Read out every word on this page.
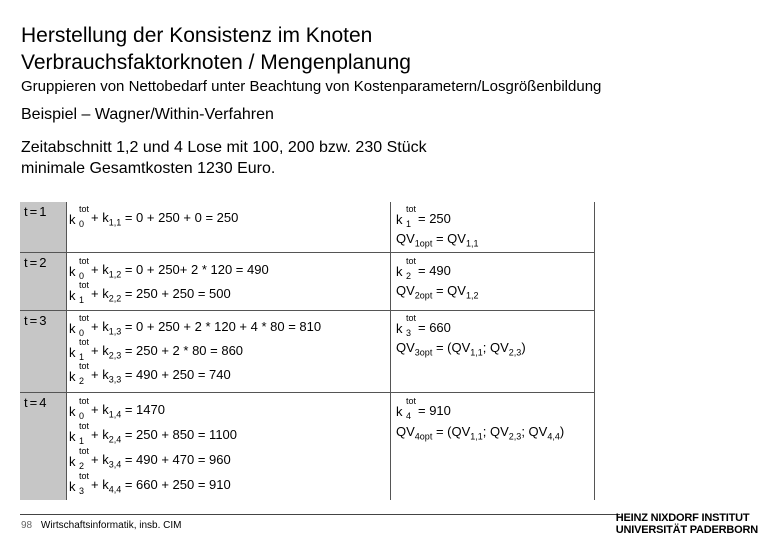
Herstellung der Konsistenz im Knoten
Verbrauchsfaktorknoten / Mengenplanung
Gruppieren von Nettobedarf unter Beachtung von Kostenparametern/Losgrößenbildung
Beispiel – Wagner/Within-Verfahren
Zeitabschnitt 1,2 und 4 Lose mit 100, 200 bzw. 230 Stück
minimale Gesamtkosten 1230 Euro.
t=1
t=2
t=3
t=4
k
tot
$0 + k_{1,1} = 0 + 250 + 0 = 250$
k
tot
$0 + k_{1,2} = 0 + 250+ 2 * 120 = 490$
k
tot
$1 + k_{2,2} = 250 + 250 = 500$
k
tot
$0 + k_{1,3} = 0 + 250 + 2 * 120 + 4 * 80 = 810$
k
tot
$1 + k_{2,3} = 250 + 2 * 80 = 860$
k
tot
$2 + k_{3,3} = 490 + 250 = 740$
k
tot
$0 + k_{1,4} = 1470$
k
tot
$1 + k_{2,4} = 250 + 850 = 1100$
k
tot
$2 + k_{3,4} = 490 + 470 = 960$
k
tot
$3 + k_{4,4} = 660 + 250 = 910$
k
tot
1 = 250
$QV_{1opt} = QV_{1,1}$
k
tot
2 = 490
$QV_{2opt} = QV_{1,2}$
k
tot
3 = 660
$QV_{3opt} = (QV_{1,1}$; $QV_{2,3}$)
k
tot
4 = 910
$QV_{4opt} = (QV_{1,1}$; $QV_{2,3}$; $QV_{4,4}$)
98 Wirtschaftsinformatik, insb. CIM
HEINZ NIXDORF INSTITUT
UNIVERSITÄT PADERBORN
